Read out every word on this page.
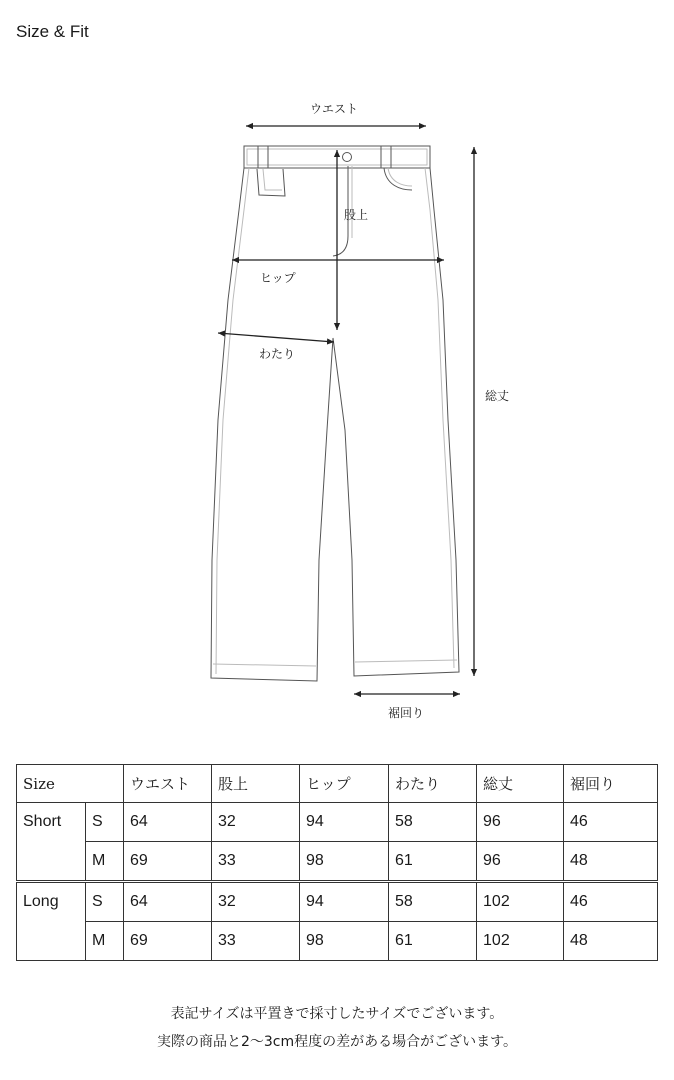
Size & Fit
ウエスト
股上
ヒップ
わたり
総丈
裾回り
Size		ウエスト	股上	ヒップ	わたり	総丈	裾回り
Short	S	64	32	94	58	96	46
	M	69	33	98	61	96	48
Long	S	64	32	94	58	102	46
	M	69	33	98	61	102	48
表記サイズは平置きで採寸したサイズでございます。
実際の商品と2〜3cm程度の差がある場合がございます。
